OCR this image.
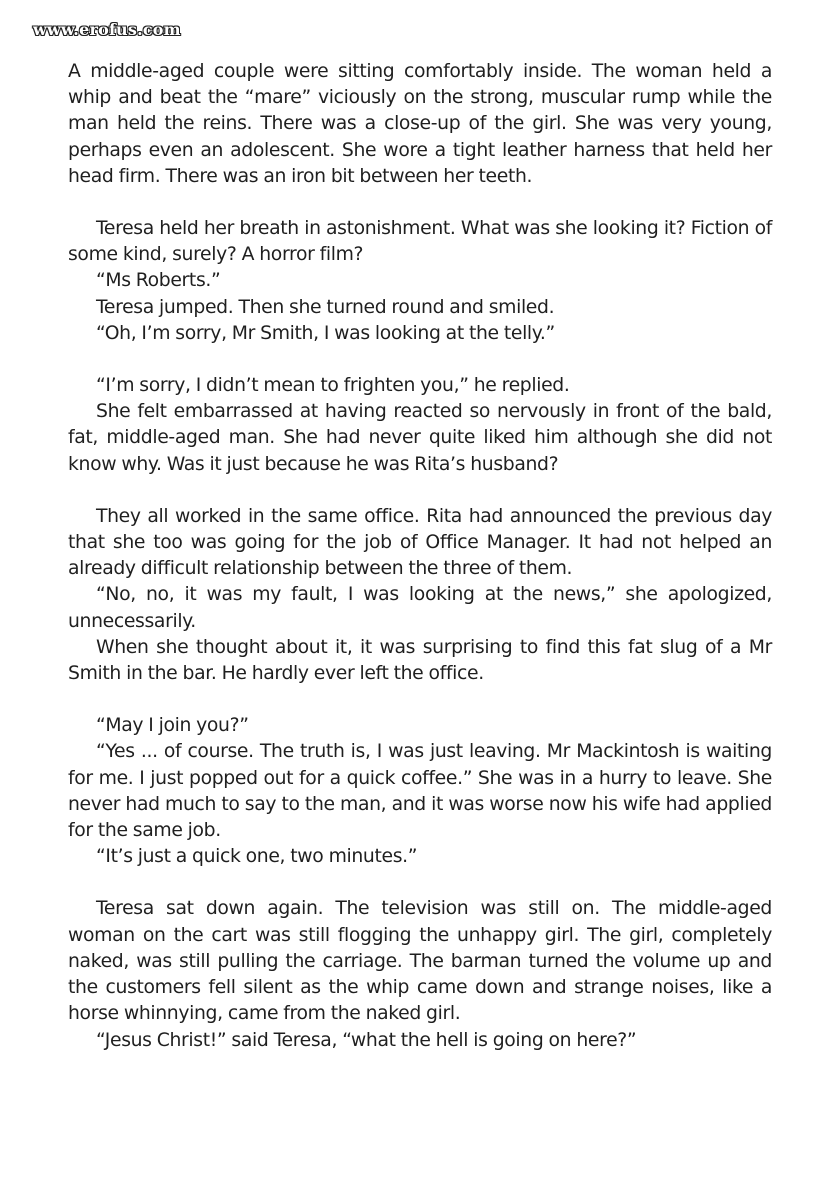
www.erofus.com

A middle-aged couple were sitting comfortably inside. The woman held a whip and beat the “mare” viciously on the strong, muscular rump while the man held the reins. There was a close-up of the girl. She was very young, perhaps even an adolescent. She wore a tight leather harness that held her head firm. There was an iron bit between her teeth.

Teresa held her breath in astonishment. What was she looking it? Fiction of some kind, surely? A horror film?

“Ms Roberts.”

Teresa jumped. Then she turned round and smiled.

“Oh, I’m sorry, Mr Smith, I was looking at the telly.”

“I’m sorry, I didn’t mean to frighten you,” he replied.

She felt embarrassed at having reacted so nervously in front of the bald, fat, middle-aged man. She had never quite liked him although she did not know why. Was it just because he was Rita’s husband?

They all worked in the same office. Rita had announced the previous day that she too was going for the job of Office Manager. It had not helped an already difficult relationship between the three of them.

“No, no, it was my fault, I was looking at the news,” she apologized, unnecessarily.

When she thought about it, it was surprising to find this fat slug of a Mr Smith in the bar. He hardly ever left the office.

“May I join you?”

“Yes ... of course. The truth is, I was just leaving. Mr Mackintosh is waiting for me. I just popped out for a quick coffee.” She was in a hurry to leave. She never had much to say to the man, and it was worse now his wife had applied for the same job.

“It’s just a quick one, two minutes.”

Teresa sat down again. The television was still on. The middle-aged woman on the cart was still flogging the unhappy girl. The girl, completely naked, was still pulling the carriage. The barman turned the volume up and the customers fell silent as the whip came down and strange noises, like a horse whinnying, came from the naked girl.

“Jesus Christ!” said Teresa, “what the hell is going on here?”
